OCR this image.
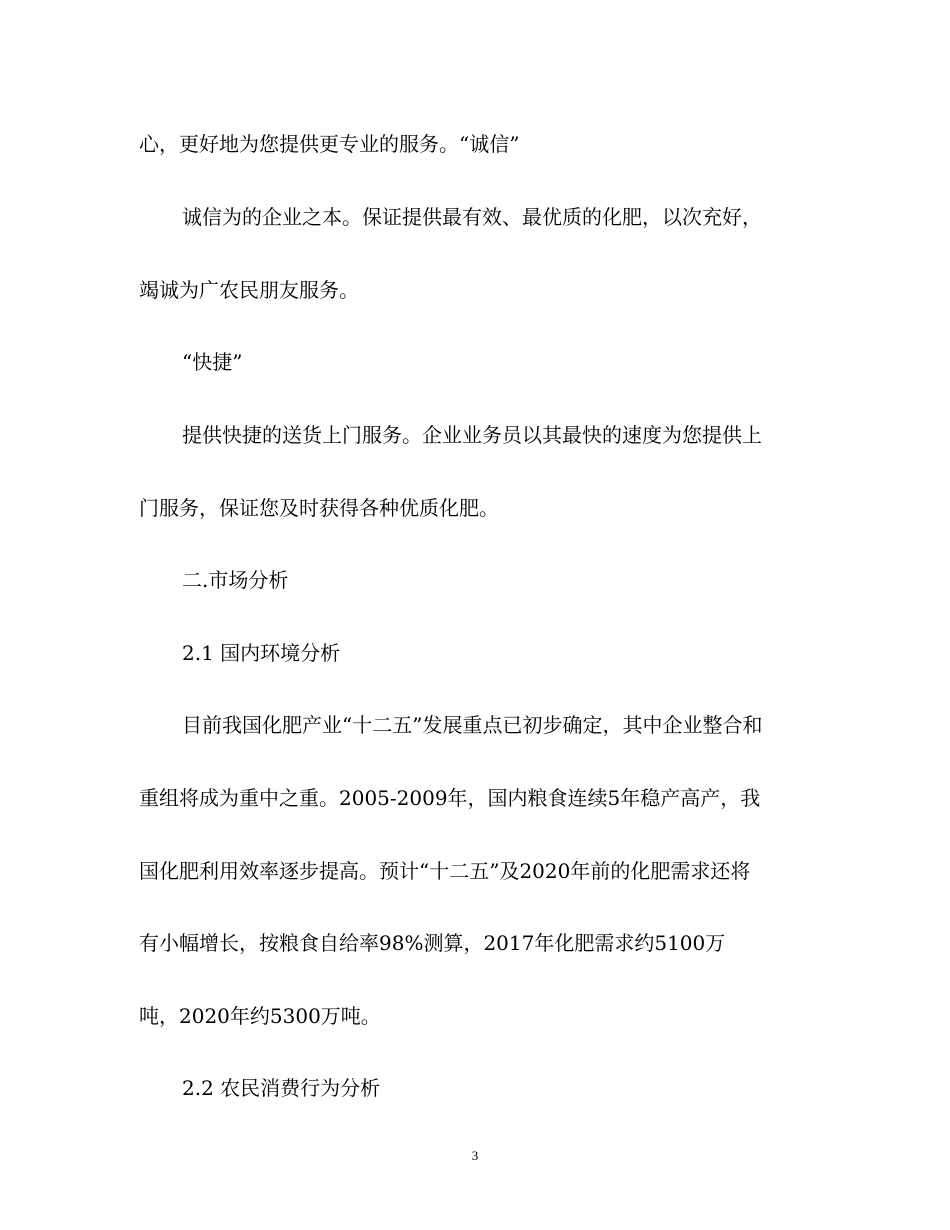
心，更好地为您提供更专业的服务。“诚信”
诚信为的企业之本。保证提供最有效、最优质的化肥，以次充好，
竭诚为广农民朋友服务。
“快捷”
提供快捷的送货上门服务。企业业务员以其最快的速度为您提供上
门服务，保证您及时获得各种优质化肥。
二.市场分析
2.1 国内环境分析
目前我国化肥产业“十二五”发展重点已初步确定，其中企业整合和
重组将成为重中之重。2005-2009年，国内粮食连续5年稳产高产，我
国化肥利用效率逐步提高。预计“十二五”及2020年前的化肥需求还将
有小幅增长，按粮食自给率98%测算，2017年化肥需求约5100万
吨，2020年约5300万吨。
2.2 农民消费行为分析
3
